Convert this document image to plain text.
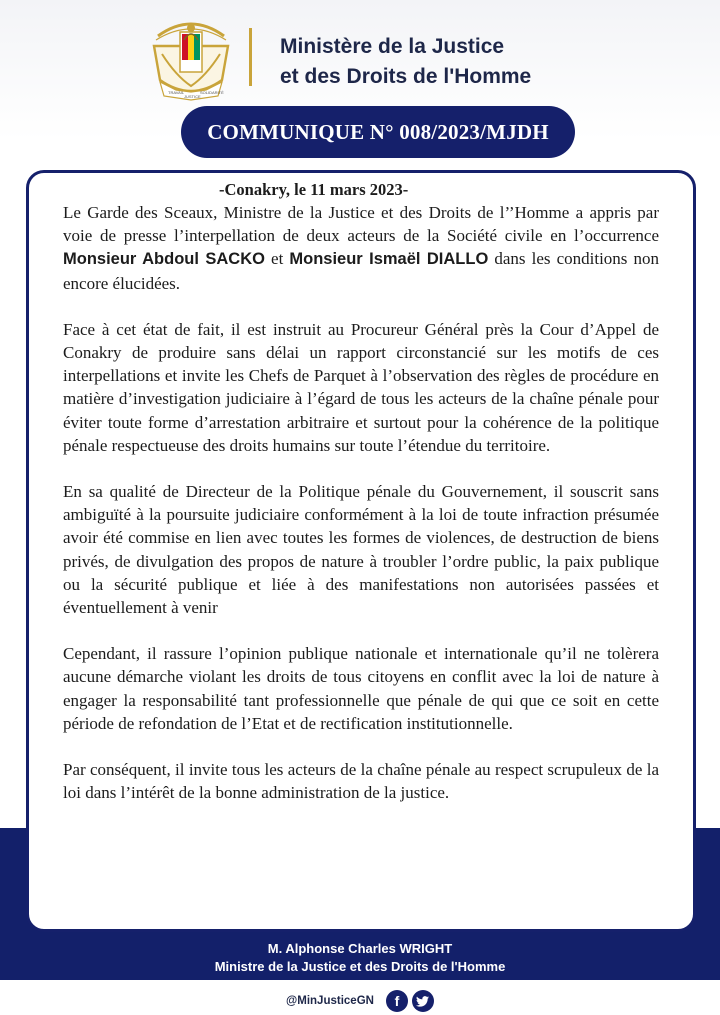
TRAVAIL
JUSTICE
SOLIDARITÉ
Ministère de la Justice
et des Droits de l'Homme
COMMUNIQUE N° 008/2023/MJDH
-Conakry, le 11 mars 2023-

Le Garde des Sceaux, Ministre de la Justice et des Droits de l’’Homme a appris par voie de presse l’interpellation de deux acteurs de la Société civile en l’occurrence Monsieur Abdoul SACKO et Monsieur Ismaël DIALLO dans les conditions non encore élucidées.

Face à cet état de fait, il est instruit au Procureur Général près la Cour d’Appel de Conakry de produire sans délai un rapport circonstancié sur les motifs de ces interpellations et invite les Chefs de Parquet à l’observation des règles de procédure en matière d’investigation judiciaire à l’égard de tous les acteurs de la chaîne pénale pour éviter toute forme d’arrestation arbitraire et surtout pour la cohérence de la politique pénale respectueuse des droits humains sur toute l’étendue du territoire.

En sa qualité de Directeur de la Politique pénale du Gouvernement, il souscrit sans ambiguïté à la poursuite judiciaire conformément à la loi de toute infraction présumée avoir été commise en lien avec toutes les formes de violences, de destruction de biens privés, de divulgation des propos de nature à troubler l’ordre public, la paix publique ou la sécurité publique et liée à des manifestations non autorisées passées et éventuellement à venir

Cependant, il rassure l’opinion publique nationale et internationale qu’il ne tolèrera aucune démarche violant les droits de tous citoyens en conflit avec la loi de nature à engager la responsabilité tant professionnelle que pénale de qui que ce soit en cette période de refondation de l’Etat et de rectification institutionnelle.

Par conséquent, il invite tous les acteurs de la chaîne pénale au respect scrupuleux de la loi dans l’intérêt de la bonne administration de la justice.

M. Alphonse Charles WRIGHT
Ministre de la Justice et des Droits de l'Homme
@MinJusticeGN	f
